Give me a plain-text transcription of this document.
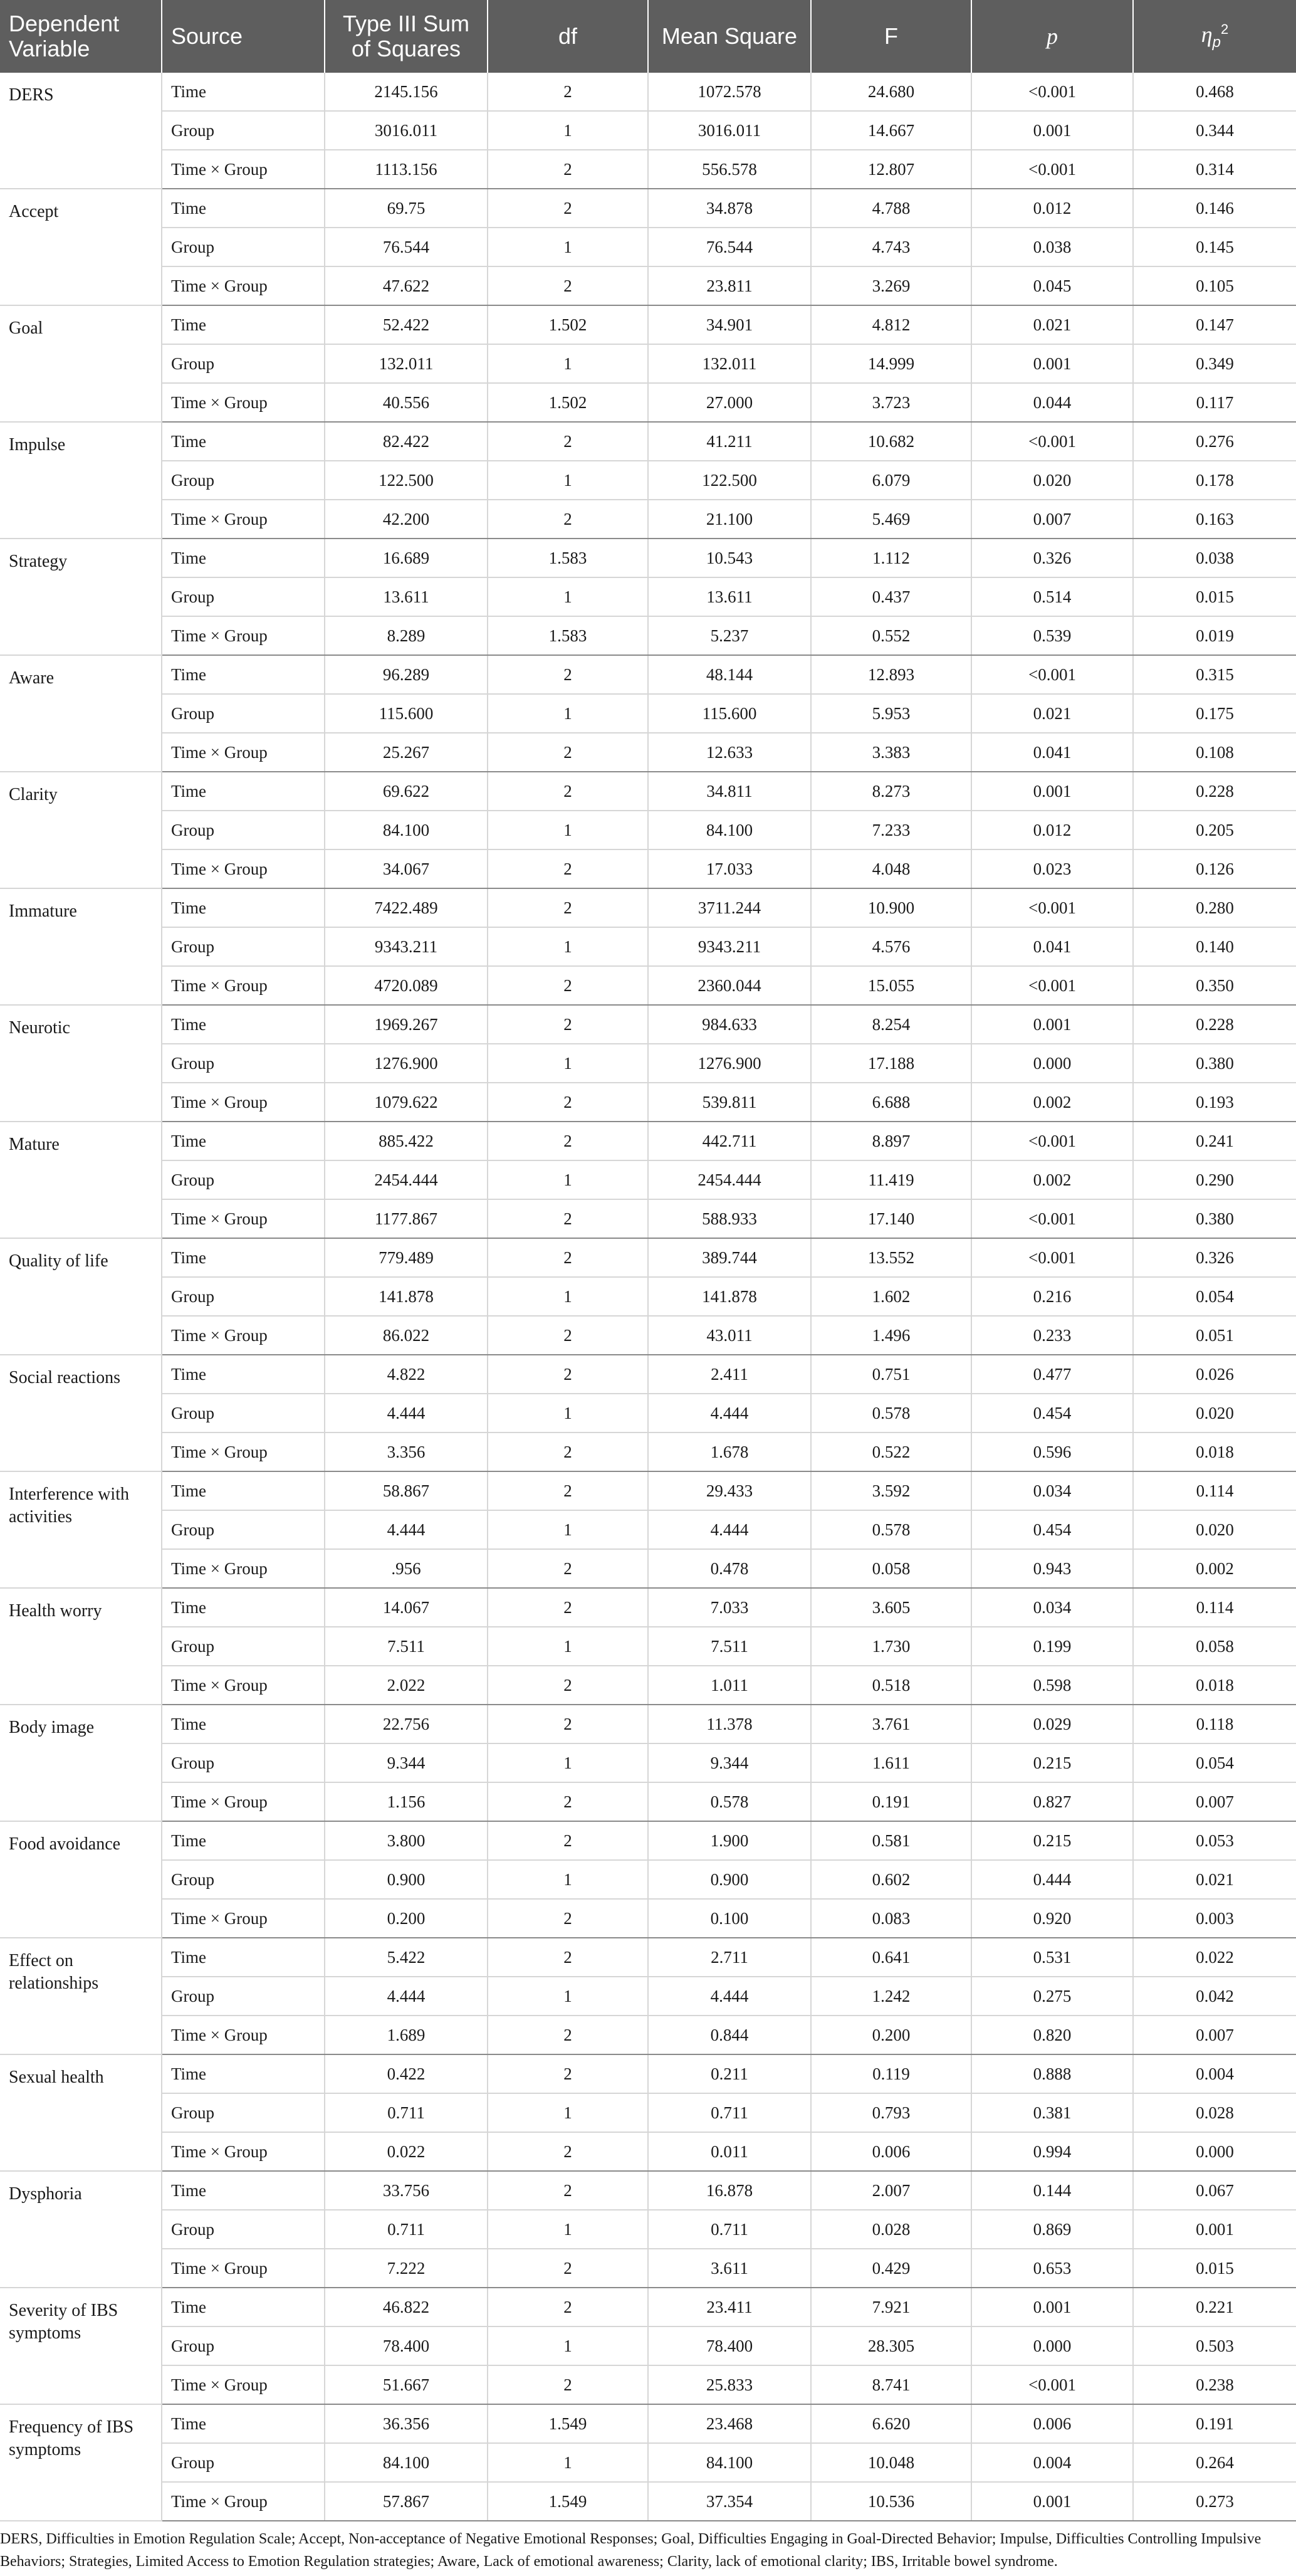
Dependent Variable	Source	Type III Sum of Squares	df	Mean Square	F	p	$\eta_p^2$
DERS	Time	2145.156	2	1072.578	24.680	<0.001	0.468
	Group	3016.011	1	3016.011	14.667	0.001	0.344
	Time × Group	1113.156	2	556.578	12.807	<0.001	0.314
Accept	Time	69.75	2	34.878	4.788	0.012	0.146
	Group	76.544	1	76.544	4.743	0.038	0.145
	Time × Group	47.622	2	23.811	3.269	0.045	0.105
Goal	Time	52.422	1.502	34.901	4.812	0.021	0.147
	Group	132.011	1	132.011	14.999	0.001	0.349
	Time × Group	40.556	1.502	27.000	3.723	0.044	0.117
Impulse	Time	82.422	2	41.211	10.682	<0.001	0.276
	Group	122.500	1	122.500	6.079	0.020	0.178
	Time × Group	42.200	2	21.100	5.469	0.007	0.163
Strategy	Time	16.689	1.583	10.543	1.112	0.326	0.038
	Group	13.611	1	13.611	0.437	0.514	0.015
	Time × Group	8.289	1.583	5.237	0.552	0.539	0.019
Aware	Time	96.289	2	48.144	12.893	<0.001	0.315
	Group	115.600	1	115.600	5.953	0.021	0.175
	Time × Group	25.267	2	12.633	3.383	0.041	0.108
Clarity	Time	69.622	2	34.811	8.273	0.001	0.228
	Group	84.100	1	84.100	7.233	0.012	0.205
	Time × Group	34.067	2	17.033	4.048	0.023	0.126
Immature	Time	7422.489	2	3711.244	10.900	<0.001	0.280
	Group	9343.211	1	9343.211	4.576	0.041	0.140
	Time × Group	4720.089	2	2360.044	15.055	<0.001	0.350
Neurotic	Time	1969.267	2	984.633	8.254	0.001	0.228
	Group	1276.900	1	1276.900	17.188	0.000	0.380
	Time × Group	1079.622	2	539.811	6.688	0.002	0.193
Mature	Time	885.422	2	442.711	8.897	<0.001	0.241
	Group	2454.444	1	2454.444	11.419	0.002	0.290
	Time × Group	1177.867	2	588.933	17.140	<0.001	0.380
Quality of life	Time	779.489	2	389.744	13.552	<0.001	0.326
	Group	141.878	1	141.878	1.602	0.216	0.054
	Time × Group	86.022	2	43.011	1.496	0.233	0.051
Social reactions	Time	4.822	2	2.411	0.751	0.477	0.026
	Group	4.444	1	4.444	0.578	0.454	0.020
	Time × Group	3.356	2	1.678	0.522	0.596	0.018
Interference with activities	Time	58.867	2	29.433	3.592	0.034	0.114
	Group	4.444	1	4.444	0.578	0.454	0.020
	Time × Group	.956	2	0.478	0.058	0.943	0.002
Health worry	Time	14.067	2	7.033	3.605	0.034	0.114
	Group	7.511	1	7.511	1.730	0.199	0.058
	Time × Group	2.022	2	1.011	0.518	0.598	0.018
Body image	Time	22.756	2	11.378	3.761	0.029	0.118
	Group	9.344	1	9.344	1.611	0.215	0.054
	Time × Group	1.156	2	0.578	0.191	0.827	0.007
Food avoidance	Time	3.800	2	1.900	0.581	0.215	0.053
	Group	0.900	1	0.900	0.602	0.444	0.021
	Time × Group	0.200	2	0.100	0.083	0.920	0.003
Effect on relationships	Time	5.422	2	2.711	0.641	0.531	0.022
	Group	4.444	1	4.444	1.242	0.275	0.042
	Time × Group	1.689	2	0.844	0.200	0.820	0.007
Sexual health	Time	0.422	2	0.211	0.119	0.888	0.004
	Group	0.711	1	0.711	0.793	0.381	0.028
	Time × Group	0.022	2	0.011	0.006	0.994	0.000
Dysphoria	Time	33.756	2	16.878	2.007	0.144	0.067
	Group	0.711	1	0.711	0.028	0.869	0.001
	Time × Group	7.222	2	3.611	0.429	0.653	0.015
Severity of IBS symptoms	Time	46.822	2	23.411	7.921	0.001	0.221
	Group	78.400	1	78.400	28.305	0.000	0.503
	Time × Group	51.667	2	25.833	8.741	<0.001	0.238
Frequency of IBS symptoms	Time	36.356	1.549	23.468	6.620	0.006	0.191
	Group	84.100	1	84.100	10.048	0.004	0.264
	Time × Group	57.867	1.549	37.354	10.536	0.001	0.273
DERS, Difficulties in Emotion Regulation Scale; Accept, Non-acceptance of Negative Emotional Responses; Goal, Difficulties Engaging in Goal-Directed Behavior; Impulse, Difficulties Controlling Impulsive Behaviors; Strategies, Limited Access to Emotion Regulation strategies; Aware, Lack of emotional awareness; Clarity, lack of emotional clarity; IBS, Irritable bowel syndrome.
